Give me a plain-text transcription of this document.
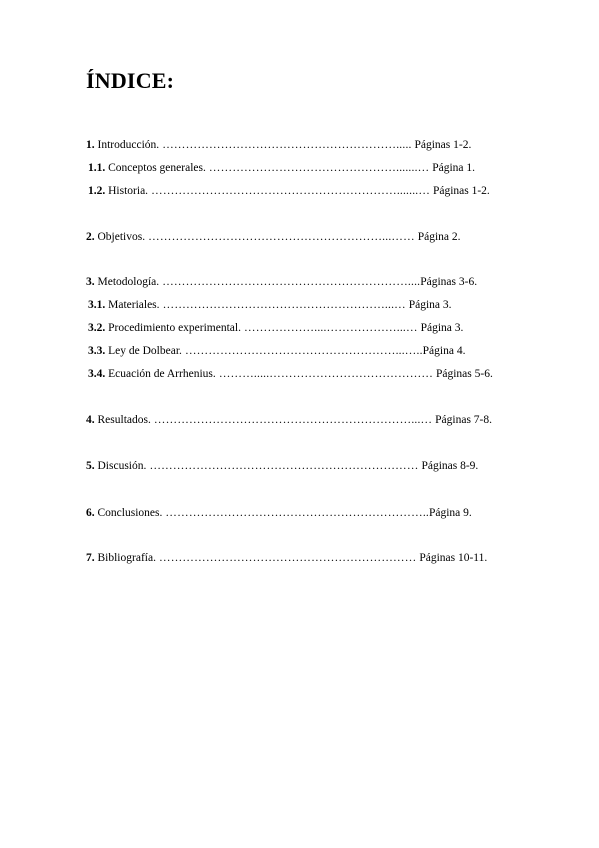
ÍNDICE:
1. Introducción. ……………………………………………………..... Páginas 1-2.
1.1. Conceptos generales. ………………………………………….......… Página 1.
1.2. Historia. ……………………………………………………….......… Páginas 1-2.
2. Objetivos. ……………………………………………………...…… Página 2.
3. Metodología. ………………………………………………………....Páginas 3-6.
3.1. Materiales. …………………………………………………...… Página 3.
3.2. Procedimiento experimental. ………………....………………...… Página 3.
3.3. Ley de Dolbear. ………………………………………………...…..Página 4.
3.4. Ecuación de Arrhenius. ……….....…………………………………… Páginas 5-6.
4. Resultados. …………………………………………………………...… Páginas 7-8.
5. Discusión. …………………………………………………………… Páginas 8-9.
6. Conclusiones. …………………………………………………………..Página 9.
7. Bibliografía. ………………………………………………………… Páginas 10-11.
